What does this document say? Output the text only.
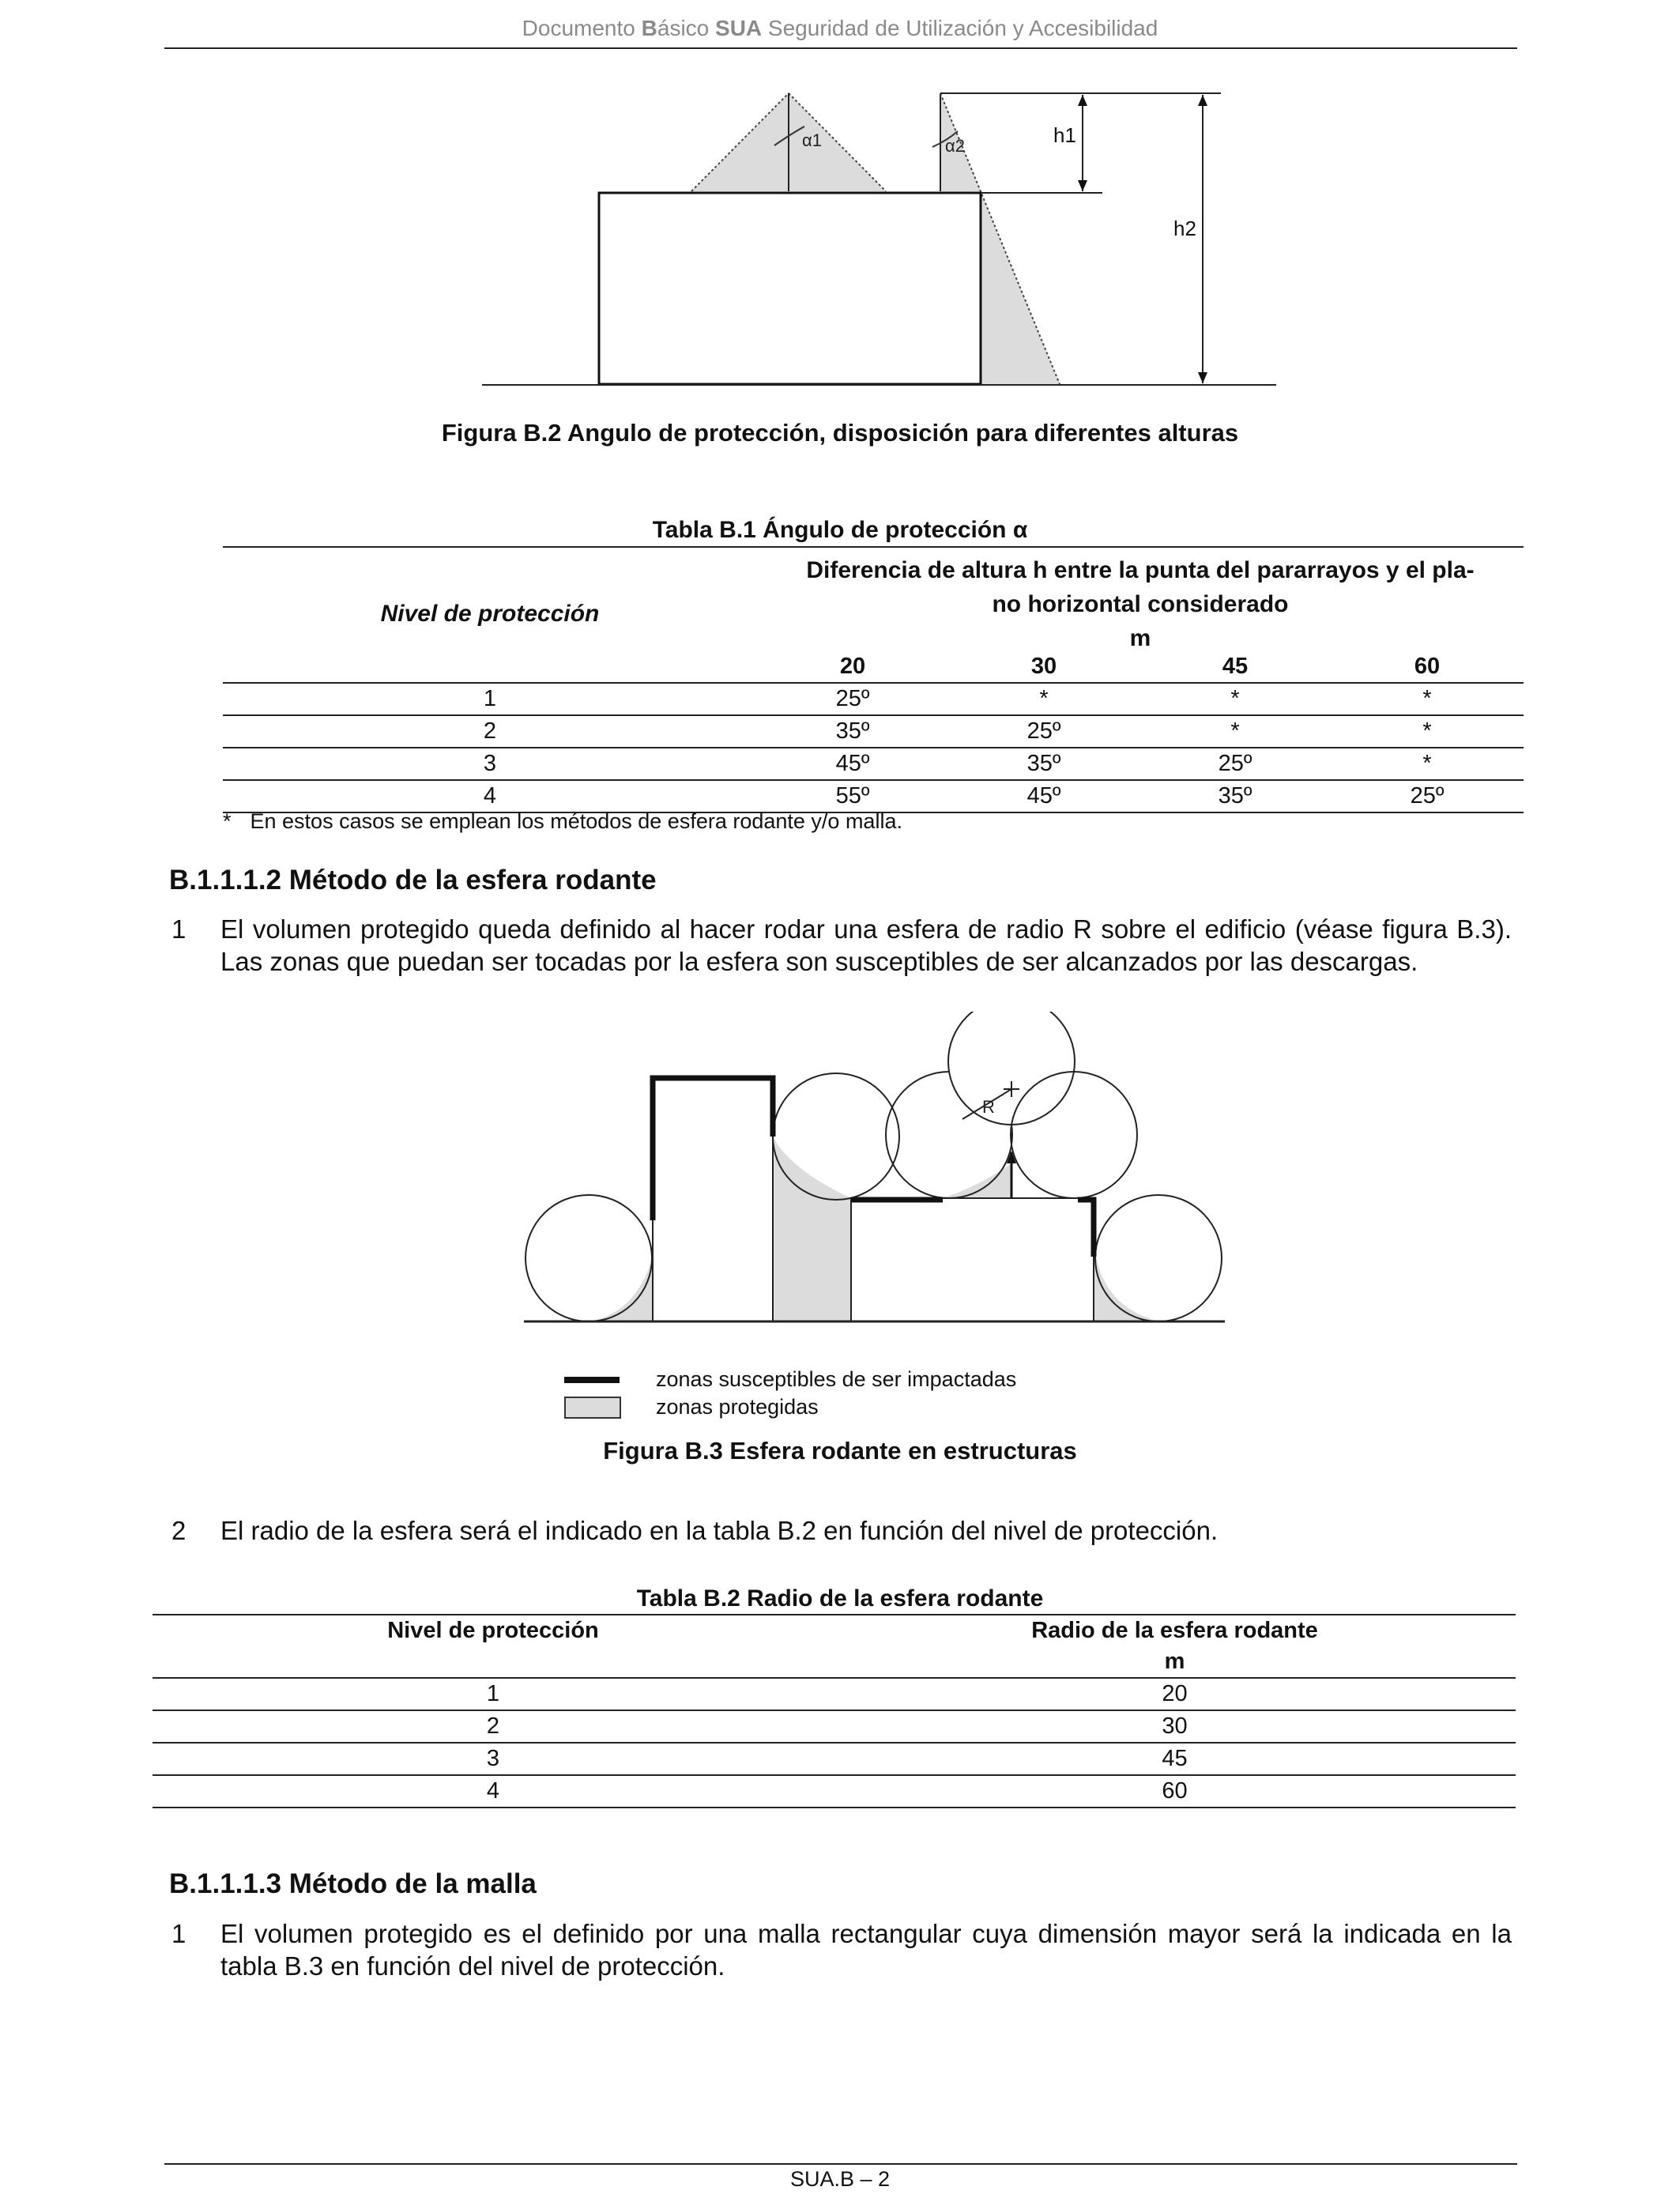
Documento Básico SUA Seguridad de Utilización y Accesibilidad
h1
h2
α1	α2
Figura B.2 Angulo de protección, disposición para diferentes alturas
Tabla B.1 Ángulo de protección α
Nivel de protección
Diferencia de altura h entre la punta del pararrayos y el pla-
no horizontal considerado
m
	20	30	45	60
1	25º	*	*	*
2	35º	25º	*	*
3	45º	35º	25º	*
4	55º	45º	35º	25º
* En estos casos se emplean los métodos de esfera rodante y/o malla.
B.1.1.1.2 Método de la esfera rodante
1 El volumen protegido queda definido al hacer rodar una esfera de radio R sobre el edificio (véase figura B.3). Las zonas que puedan ser tocadas por la esfera son susceptibles de ser alcanzados por las descargas.
R
zonas susceptibles de ser impactadas
zonas protegidas
Figura B.3 Esfera rodante en estructuras
2 El radio de la esfera será el indicado en la tabla B.2 en función del nivel de protección.
Tabla B.2 Radio de la esfera rodante
Nivel de protección	Radio de la esfera rodante
	m
1	20
2	30
3	45
4	60
B.1.1.1.3 Método de la malla
1 El volumen protegido es el definido por una malla rectangular cuya dimensión mayor será la indicada en la tabla B.3 en función del nivel de protección.
SUA.B – 2
